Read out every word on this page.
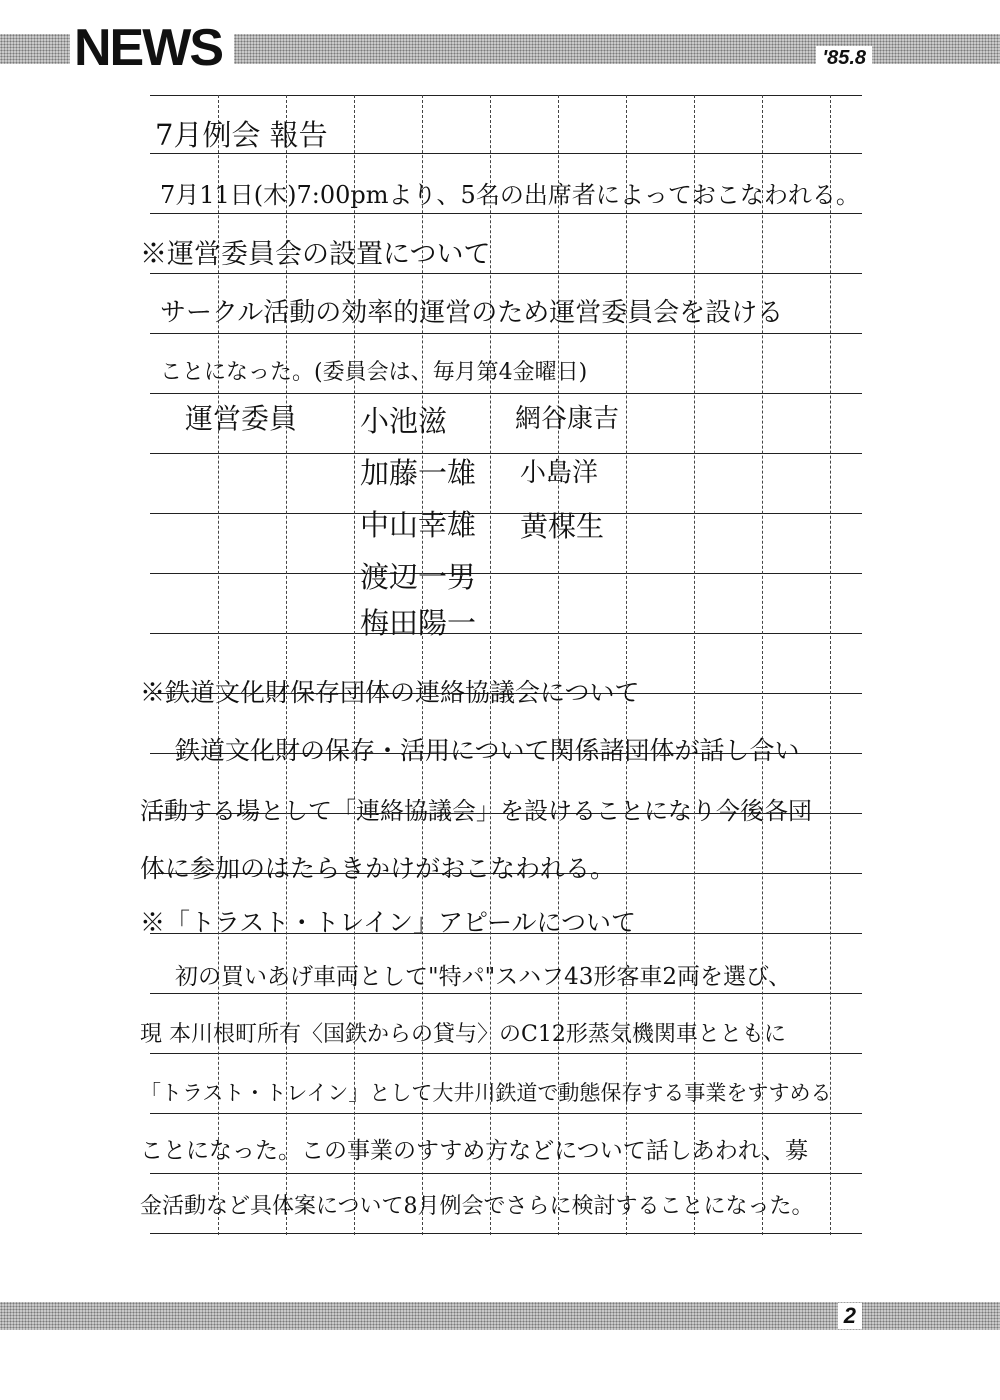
NEWS	'85.8
7月例会 報告
7月11日(木)7:00pmより、5名の出席者によっておこなわれる。
※運営委員会の設置について
サークル活動の効率的運営のため運営委員会を設ける
ことになった。(委員会は、毎月第4金曜日)
運営委員 小池滋	網谷康吉
加藤一雄 小島洋
中山幸雄 黄楳生
渡辺一男
梅田陽一
※鉄道文化財保存団体の連絡協議会について
鉄道文化財の保存・活用について関係諸団体が話し合い
活動する場として「連絡協議会」を設けることになり今後各団
体に参加のはたらきかけがおこなわれる。
※「トラスト・トレイン」アピールについて
初の買いあげ車両として"特パ"スハフ43形客車2両を選び、
現 本川根町所有〈国鉄からの貸与〉のC12形蒸気機関車とともに
「トラスト・トレイン」として大井川鉄道で動態保存する事業をすすめる
ことになった。この事業のすすめ方などについて話しあわれ、募
金活動など具体案について8月例会でさらに検討することになった。
2
